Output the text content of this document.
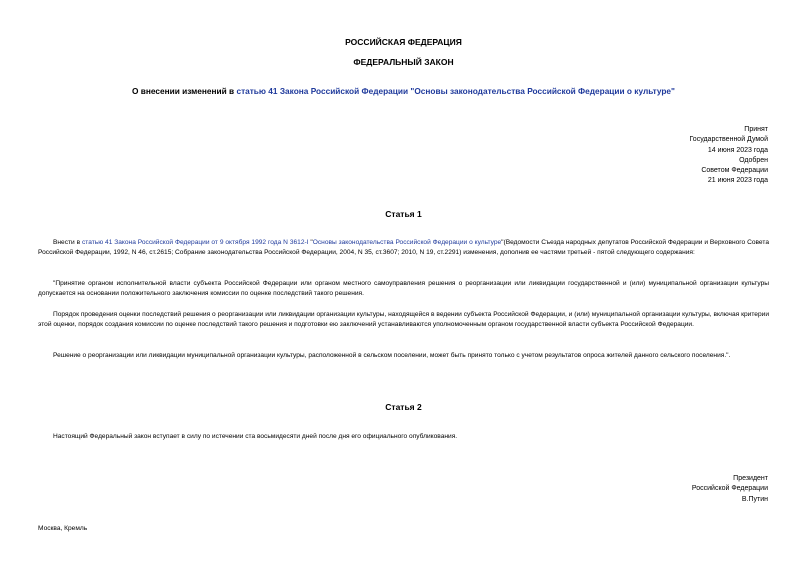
РОССИЙСКАЯ ФЕДЕРАЦИЯ
ФЕДЕРАЛЬНЫЙ ЗАКОН
О внесении изменений в статью 41 Закона Российской Федерации "Основы законодательства Российской Федерации о культуре"
Принят
Государственной Думой
14 июня 2023 года
Одобрен
Советом Федерации
21 июня 2023 года
Статья 1
Внести в статью 41 Закона Российской Федерации от 9 октября 1992 года N 3612-I "Основы законодательства Российской Федерации о культуре"(Ведомости Съезда народных депутатов Российской Федерации и Верховного Совета Российской Федерации, 1992, N 46, ст.2615; Собрание законодательства Российской Федерации, 2004, N 35, ст.3607; 2010, N 19, ст.2291) изменения, дополнив ее частями третьей - пятой следующего содержания:
"Принятие органом исполнительной власти субъекта Российской Федерации или органом местного самоуправления решения о реорганизации или ликвидации государственной и (или) муниципальной организации культуры допускается на основании положительного заключения комиссии по оценке последствий такого решения.
Порядок проведения оценки последствий решения о реорганизации или ликвидации организации культуры, находящейся в ведении субъекта Российской Федерации, и (или) муниципальной организации культуры, включая критерии этой оценки, порядок создания комиссии по оценке последствий такого решения и подготовки ею заключений устанавливаются уполномоченным органом государственной власти субъекта Российской Федерации.
Решение о реорганизации или ликвидации муниципальной организации культуры, расположенной в сельском поселении, может быть принято только с учетом результатов опроса жителей данного сельского поселения.".
Статья 2
Настоящий Федеральный закон вступает в силу по истечении ста восьмидесяти дней после дня его официального опубликования.
Президент
Российской Федерации
В.Путин
Москва, Кремль
